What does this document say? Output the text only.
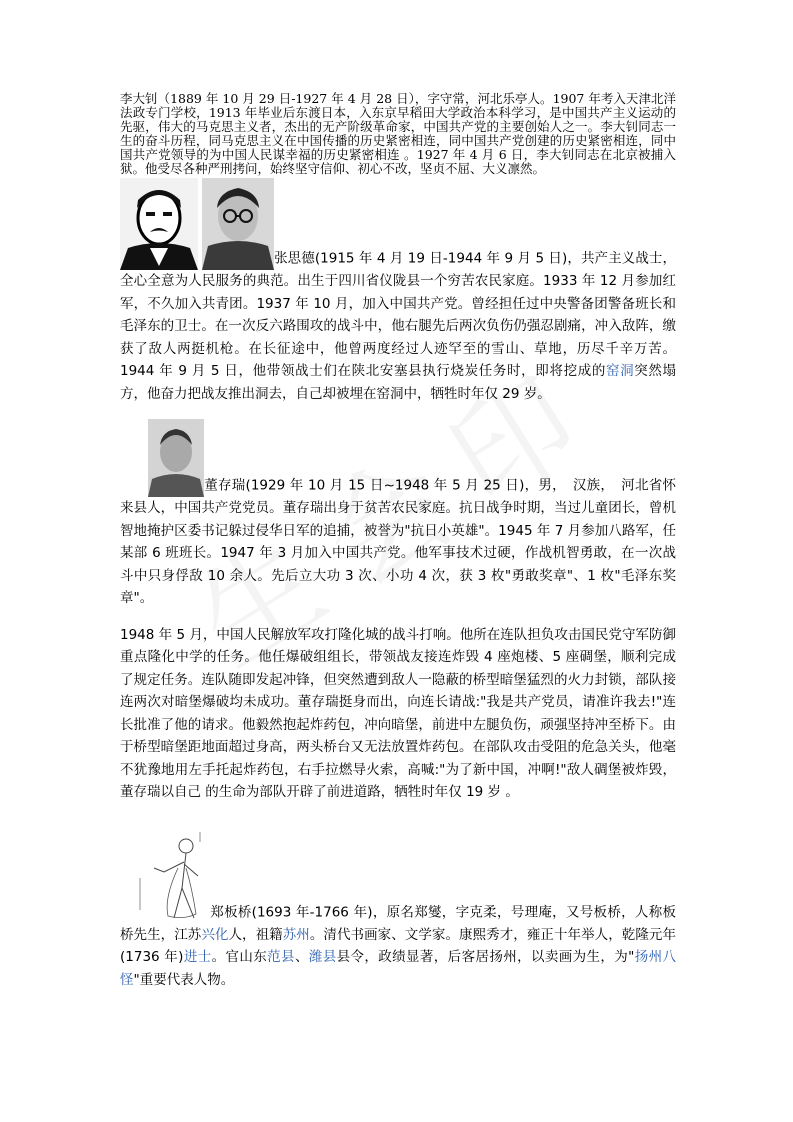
李大钊（1889 年 10 月 29 日-1927 年 4 月 28 日），字守常，河北乐亭人。1907 年考入天津北洋法政专门学校，1913 年毕业后东渡日本，入东京早稻田大学政治本科学习，是中国共产主义运动的先驱，伟大的马克思主义者，杰出的无产阶级革命家，中国共产党的主要创始人之一。李大钊同志一生的奋斗历程，同马克思主义在中国传播的历史紧密相连，同中国共产党创建的历史紧密相连，同中国共产党领导的为中国人民谋幸福的历史紧密相连 。1927 年 4 月 6 日，李大钊同志在北京被捕入狱。他受尽各种严刑拷问，始终坚守信仰、初心不改，坚贞不屈、大义凛然。

张思德(1915 年 4 月 19 日-1944 年 9 月 5 日)，共产主义战士，全心全意为人民服务的典范。出生于四川省仪陇县一个穷苦农民家庭。1933 年 12 月参加红军，不久加入共青团。1937 年 10 月，加入中国共产党。曾经担任过中央警备团警备班长和毛泽东的卫士。在一次反六路围攻的战斗中，他右腿先后两次负伤仍强忍剧痛，冲入敌阵，缴获了敌人两挺机枪。在长征途中，他曾两度经过人迹罕至的雪山、草地，历尽千辛万苦。1944 年 9 月 5 日，他带领战士们在陕北安塞县执行烧炭任务时，即将挖成的窑洞突然塌方，他奋力把战友推出洞去，自己却被埋在窑洞中，牺牲时年仅 29 岁。

董存瑞(1929 年 10 月 15 日~1948 年 5 月 25 日)，男，　汉族，　河北省怀来县人，中国共产党党员。董存瑞出身于贫苦农民家庭。抗日战争时期，当过儿童团长，曾机智地掩护区委书记躲过侵华日军的追捕，被誉为"抗日小英雄"。1945 年 7 月参加八路军，任某部 6 班班长。1947 年 3 月加入中国共产党。他军事技术过硬，作战机智勇敢，在一次战斗中只身俘敌 10 余人。先后立大功 3 次、小功 4 次，获 3 枚"勇敢奖章"、1 枚"毛泽东奖章"。

1948 年 5 月，中国人民解放军攻打隆化城的战斗打响。他所在连队担负攻击国民党守军防御重点隆化中学的任务。他任爆破组组长，带领战友接连炸毁 4 座炮楼、5 座碉堡，顺利完成了规定任务。连队随即发起冲锋，但突然遭到敌人一隐蔽的桥型暗堡猛烈的火力封锁，部队接连两次对暗堡爆破均未成功。董存瑞挺身而出，向连长请战:"我是共产党员，请准许我去!"连长批准了他的请求。他毅然抱起炸药包，冲向暗堡，前进中左腿负伤，顽强坚持冲至桥下。由于桥型暗堡距地面超过身高，两头桥台又无法放置炸药包。在部队攻击受阻的危急关头，他毫不犹豫地用左手托起炸药包，右手拉燃导火索，高喊:"为了新中国，冲啊!"敌人碉堡被炸毁，董存瑞以自己 的生命为部队开辟了前进道路，牺牲时年仅 19 岁 。

郑板桥(1693 年-1766 年)，原名郑燮，字克柔，号理庵，又号板桥，人称板桥先生，江苏兴化人，祖籍苏州。清代书画家、文学家。康熙秀才，雍正十年举人，乾隆元年(1736 年)进士。官山东范县、潍县县令，政绩显著，后客居扬州，以卖画为生，为"扬州八怪"重要代表人物。
